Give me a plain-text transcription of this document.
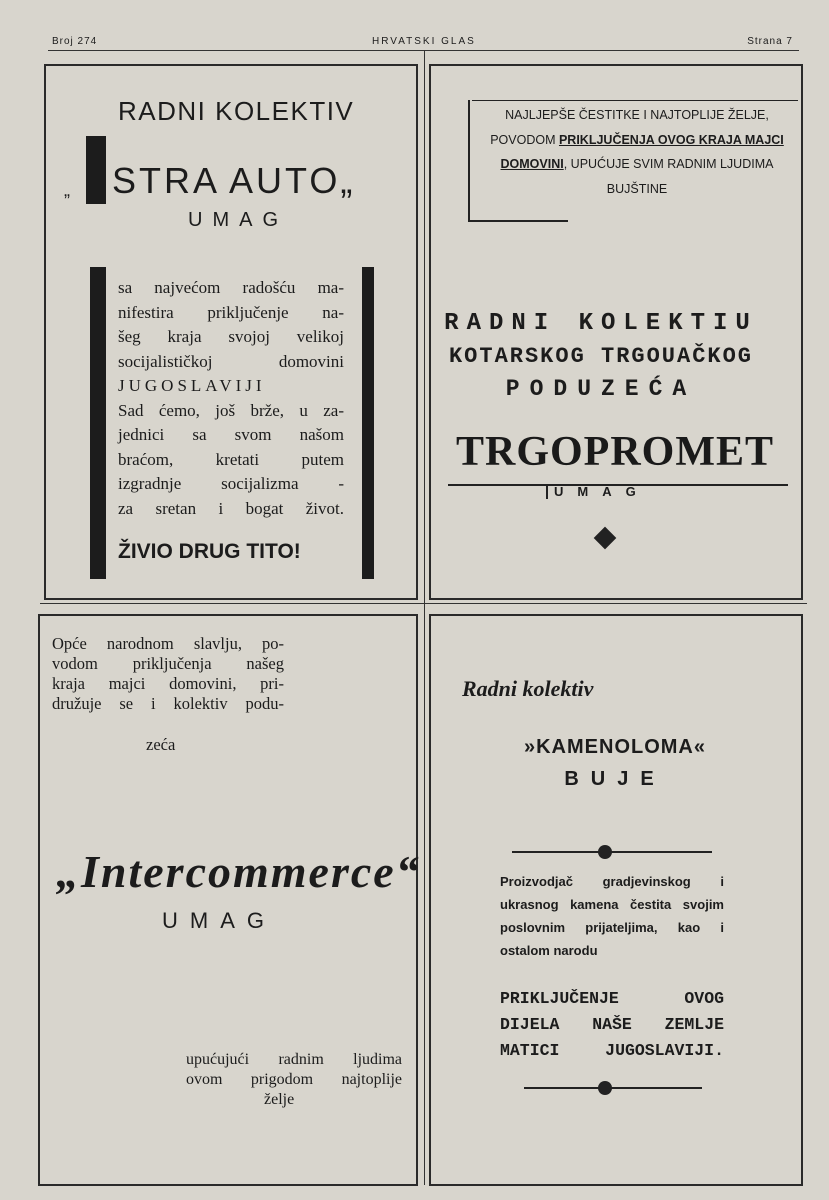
Broj 274	HRVATSKI GLAS	Strana 7
RADNI KOLEKTIV
„ STRA AUTO„
UMAG
sa najvećom radošću ma-
nifestira priključenje na-
šeg kraja svojoj velikoj
socijalističkoj domovini
JUGOSLAVIJI
Sad ćemo, još brže, u za-
jednici sa svom našom
braćom, kretati putem
izgradnje socijalizma -
za sretan i bogat život.
ŽIVIO DRUG TITO!
NAJLJEPŠE ČESTITKE I NAJTOPLIJE ŽELJE,
POVODOM PRIKLJUČENJA OVOG KRAJA MAJCI
DOMOVINI, UPUĆUJE SVIM RADNIM LJUDIMA
BUJŠTINE
RADNI KOLEKTIU
KOTARSKOG TRGOUAČKOG
PODUZEĆA
TRGOPROMET
UMAG
Opće narodnom slavlju, po-
vodom priključenja našeg
kraja majci domovini, pri-
družuje se i kolektiv podu-
zeća
„Intercommerce“
UMAG
upućujući radnim ljudima
ovom prigodom najtoplije
želje
Radni kolektiv
»KAMENOLOMA«
BUJE
Proizvodjač gradjevinskog i
ukrasnog kamena čestita svojim
poslovnim prijateljima, kao i
ostalom narodu
PRIKLJUČENJE OVOG
DIJELA NAŠE ZEMLJE
MATICI JUGOSLAVIJI.
